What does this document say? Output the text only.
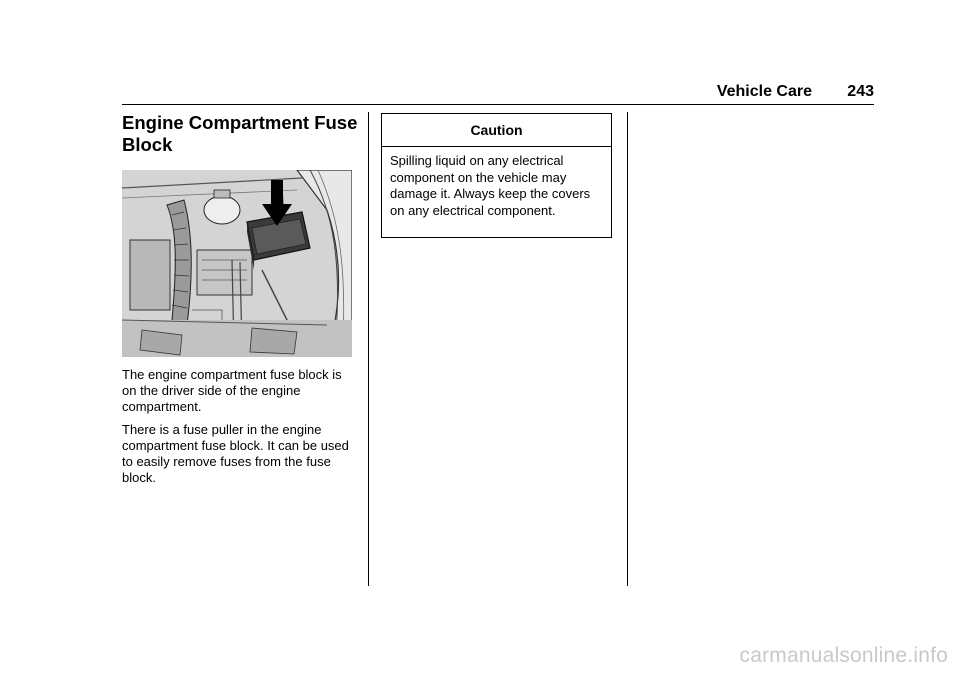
Vehicle Care 243
Engine Compartment Fuse Block

The engine compartment fuse block is on the driver side of the engine compartment.

There is a fuse puller in the engine compartment fuse block. It can be used to easily remove fuses from the fuse block.

Caution

Spilling liquid on any electrical component on the vehicle may damage it. Always keep the covers on any electrical component.

carmanualsonline.info
